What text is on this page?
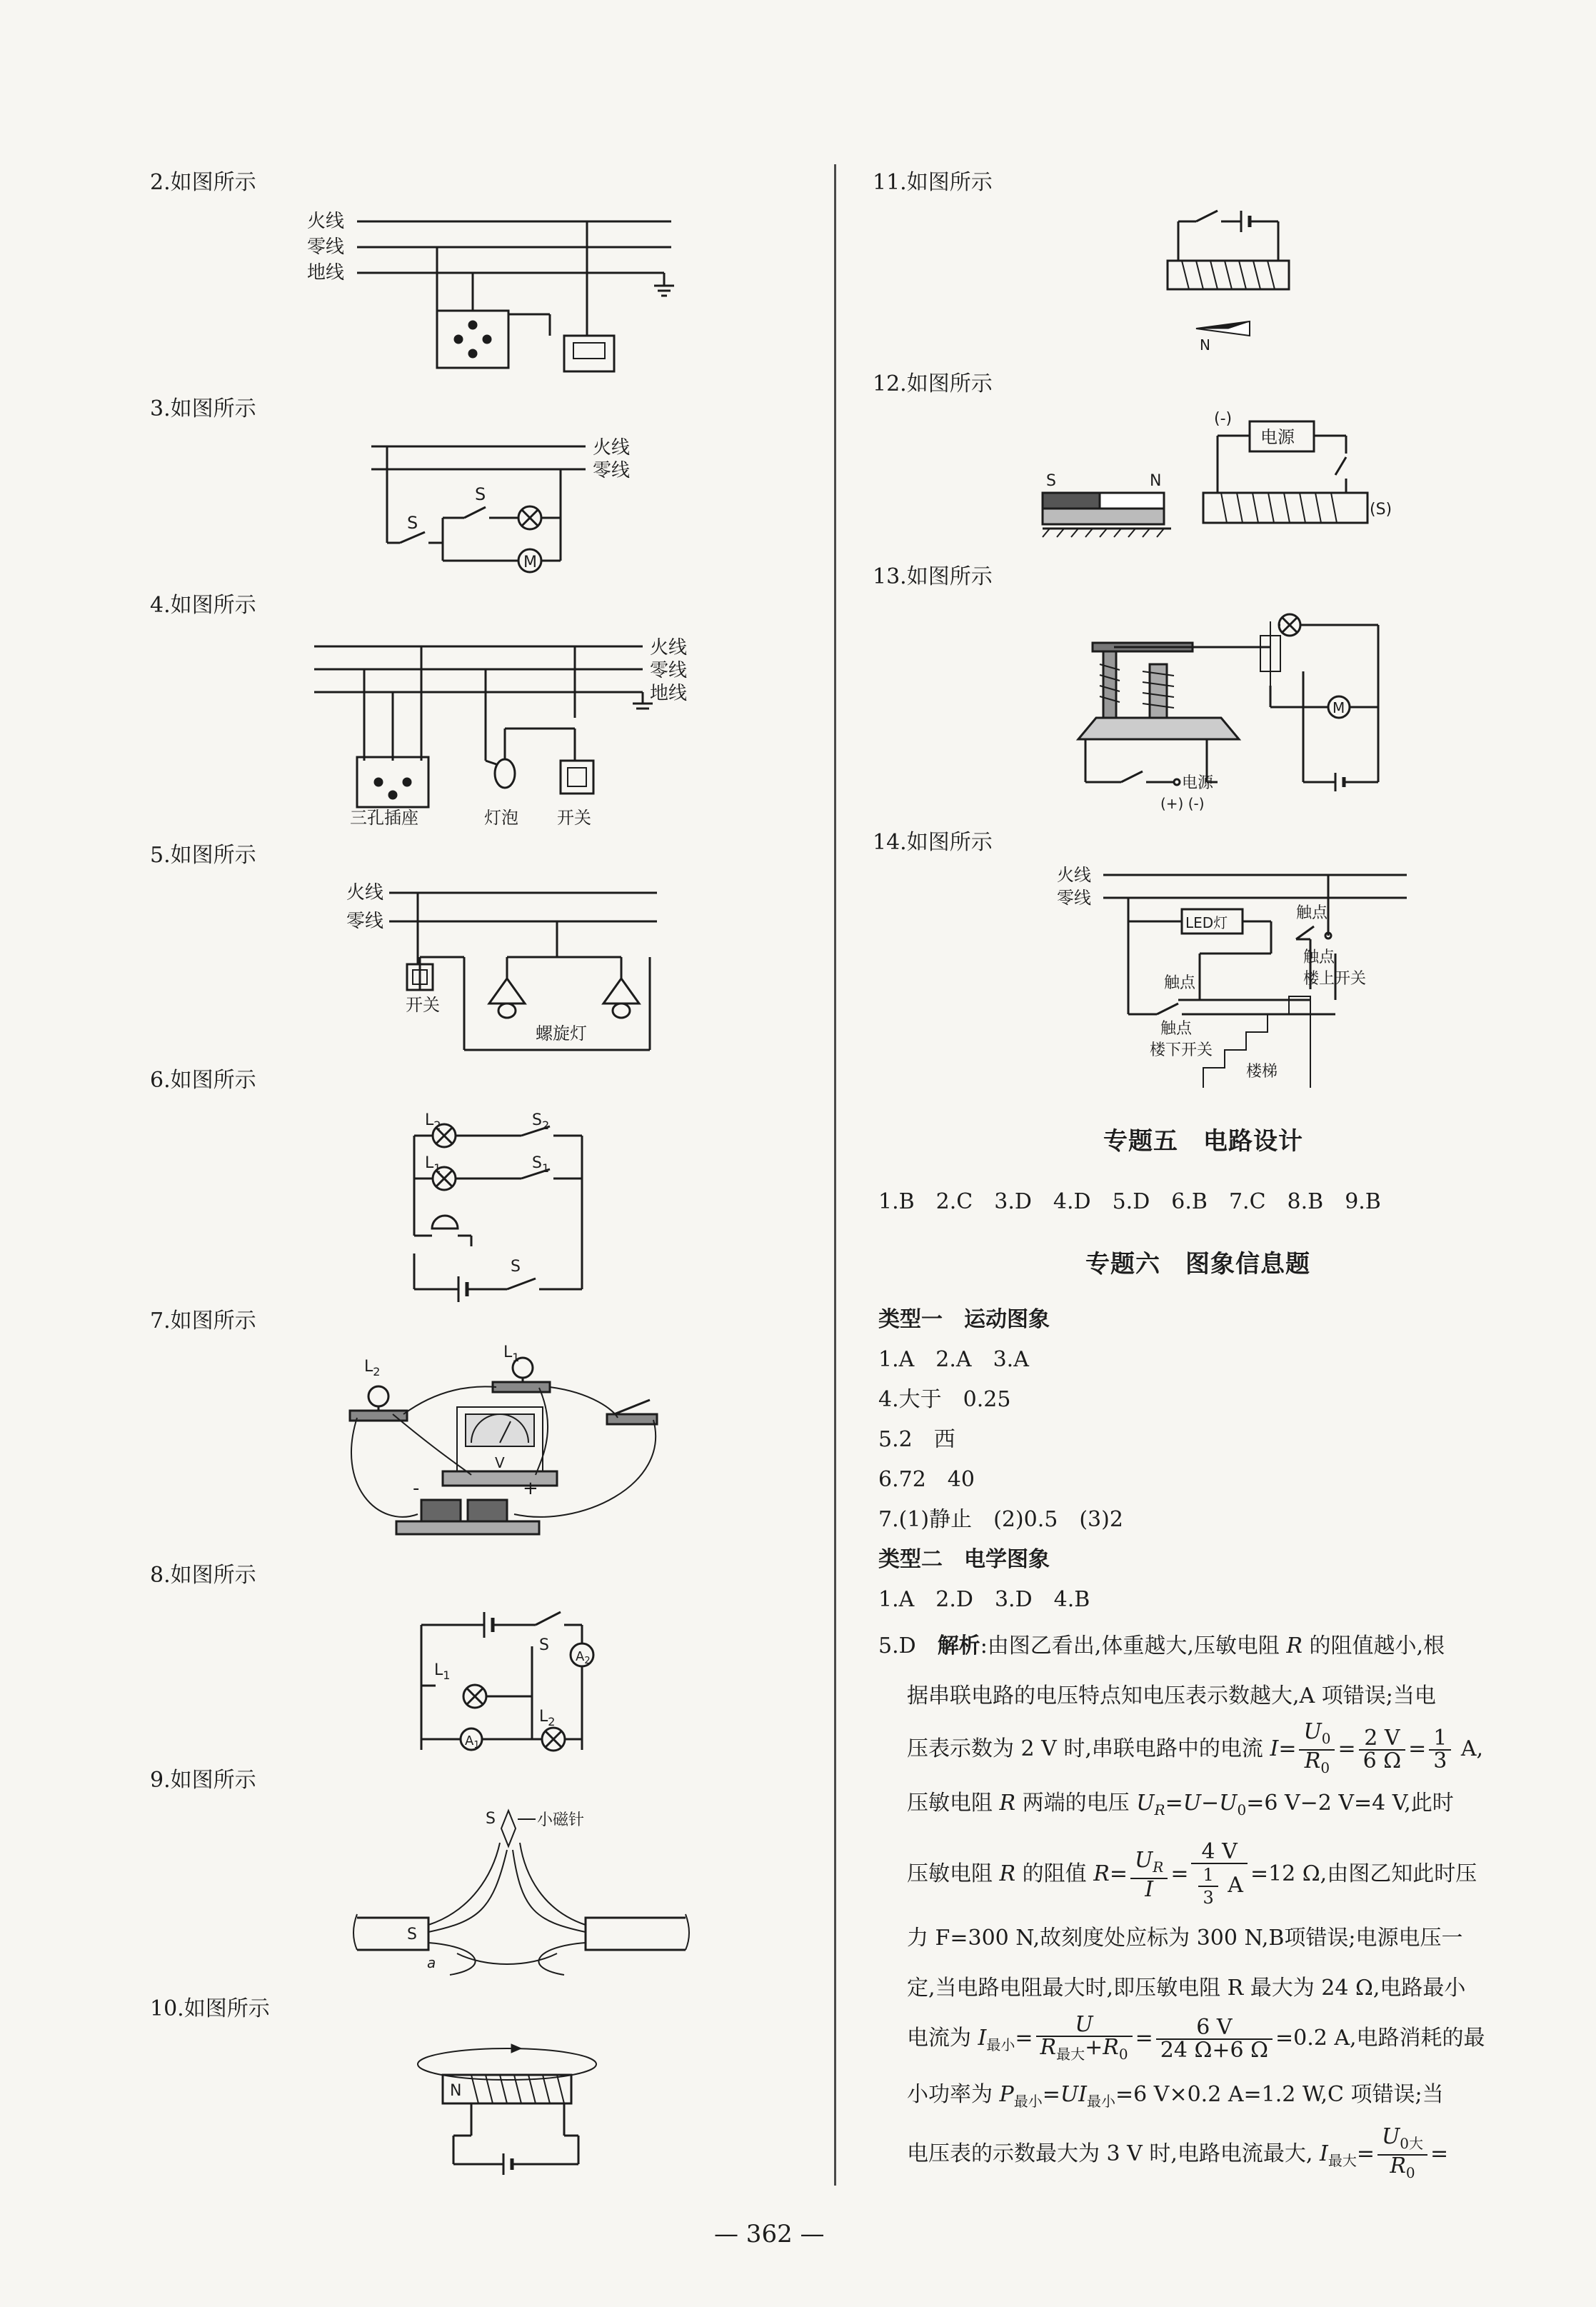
2.如图所示
火线
零线
地线
3.如图所示
火线
零线
S
S
M
4.如图所示
火线
零线
地线
三孔插座	灯泡 开关
5.如图所示
火线
零线
开关
螺旋灯
6.如图所示
$L_2$
$L_1$
$S_2$
$S_1$
S
7.如图所示
$L_2$
$L_1$
V
-	+
8.如图所示
S
$A_2$
$L_1$
$A_1$
$L_2$
9.如图所示
S	小磁针
S
a
10.如图所示
N
11.如图所示
N
12.如图所示
(-)
电源
(S)
S	N
13.如图所示
M
电源
(+) (-)
14.如图所示
火线
零线
LED灯
触点
触点
楼上开关
触点
触点
楼下开关
楼梯
专题五　电路设计
1.B　2.C　3.D　4.D　5.D　6.B　7.C　8.B　9.B
专题六　图象信息题
类型一　运动图象
1.A　2.A　3.A
4.大于　0.25
5.2　西
6.72　40
7.(1)静止　(2)0.5　(3)2
类型二　电学图象
1.A　2.D　3.D　4.B
5.D　解析:由图乙看出,体重越大,压敏电阻 R 的阻值越小,根
据串联电路的电压特点知电压表示数越大,A 项错误;当电
压表示数为 2 V 时,串联电路中的电流 $I= \frac{U_0}{R_0} = \frac{2 V}{6 \Omega} = \frac{1}{3} A$,
压敏电阻 R 两端的电压 $U_R=U-U_0=6$ V−2 V=4 V,此时
压敏电阻 R 的阻值 $R= \frac{U_R}{I} = \frac{4 V}{\frac{1}{3} A} =12$ Ω,由图乙知此时压
力 F=300 N,故刻度处应标为 300 N,B项错误;电源电压一
定,当电路电阻最大时,即压敏电阻 R 最大为 24 Ω,电路最小
电流为 $I_{最小}= \frac{U}{R_{最大}+R_0} = \frac{6 V}{24 \Omega+6 \Omega} =0.2$ A,电路消耗的最
小功率为 $P_{最小}=UI_{最小}=6$ V×0.2 A=1.2 W,C 项错误;当
电压表的示数最大为 3 V 时,电路电流最大, $I_{最大}= \frac{U_{0大}}{R_0}$ =
— 362 —
